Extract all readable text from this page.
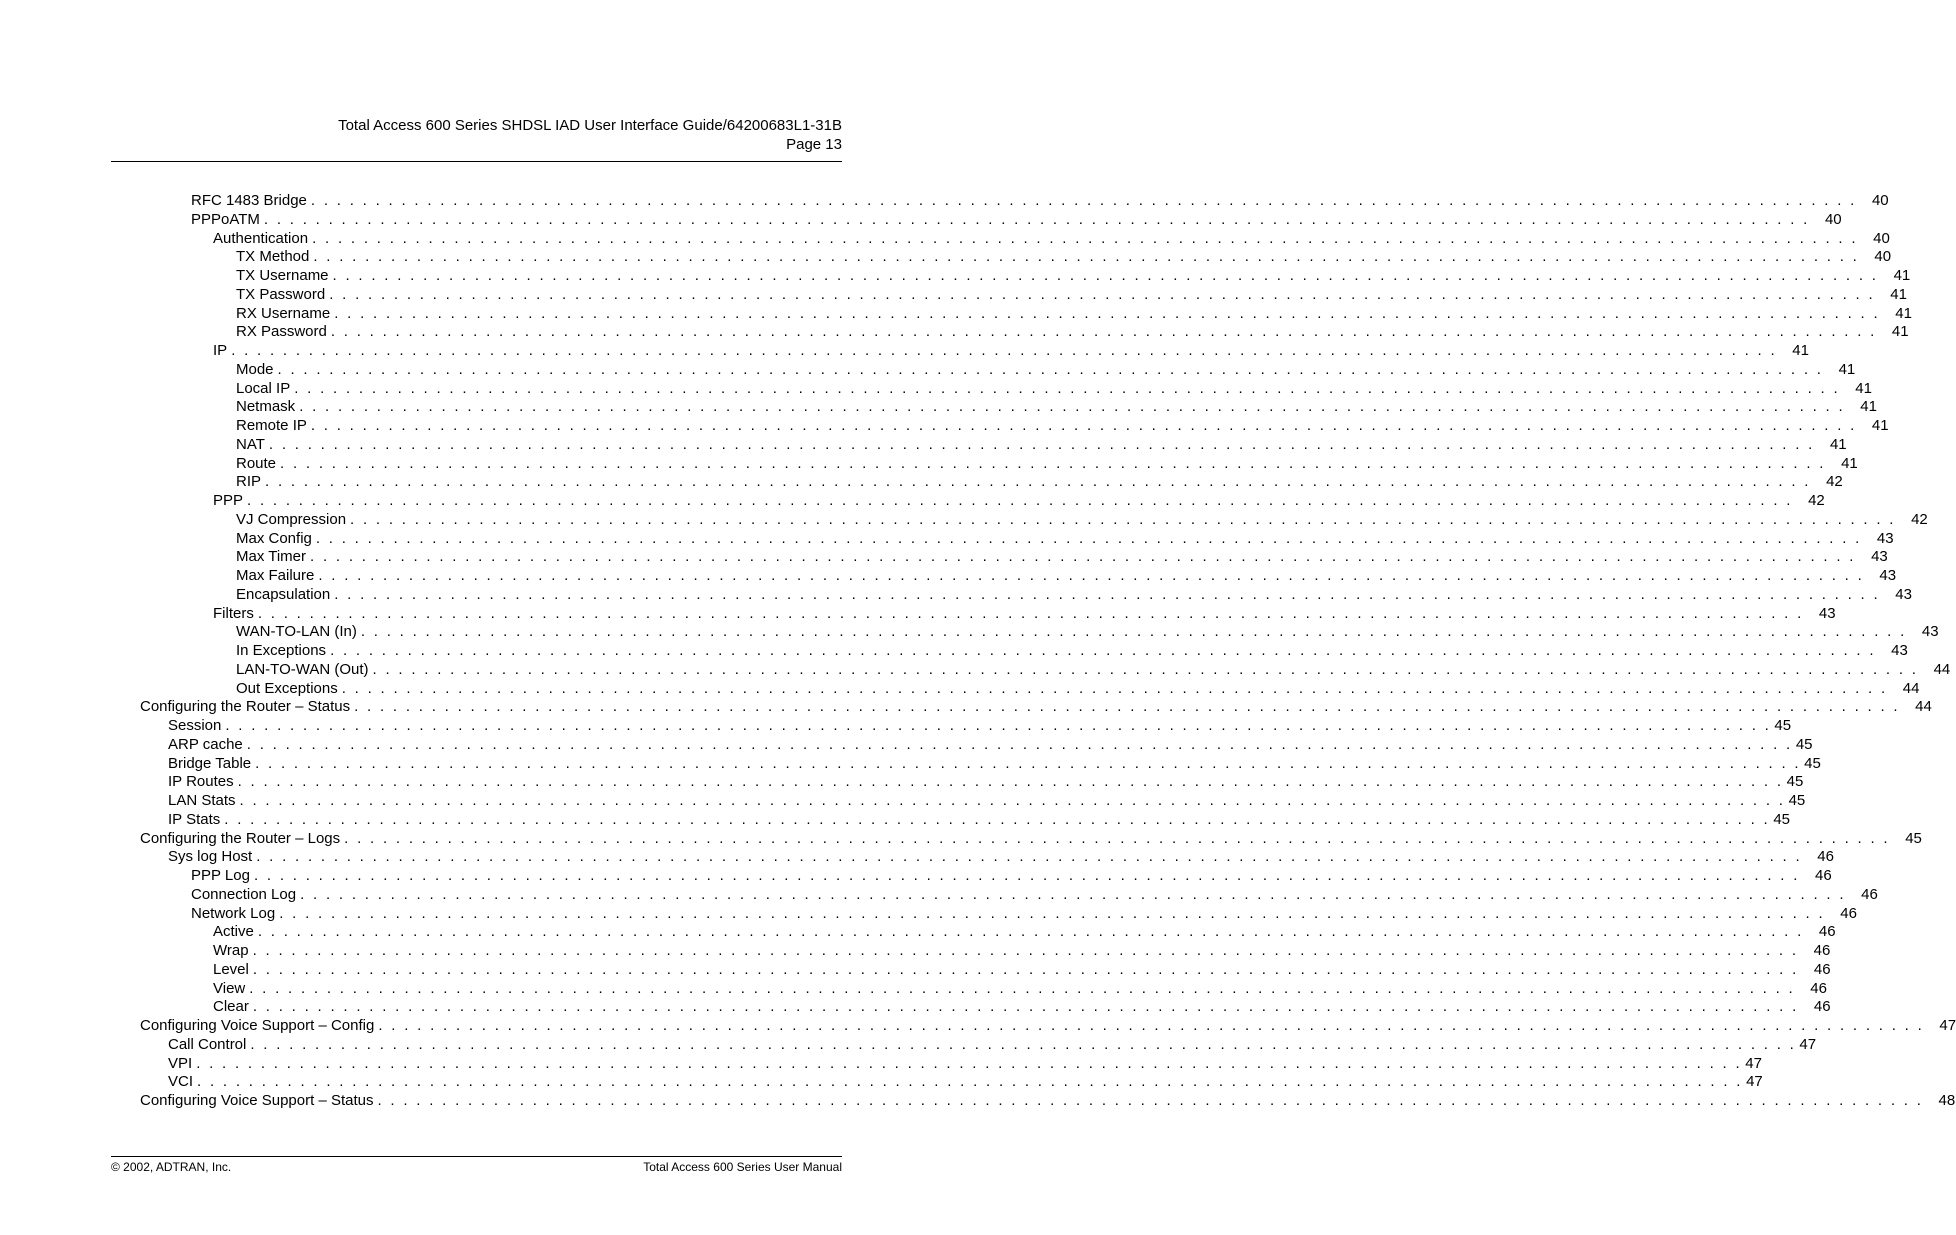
Total Access 600 Series SHDSL IAD User Interface Guide/64200683L1-31B
Page 13
RFC 1483 Bridge . . . . . . . . . . . . . . . . . . . . . . . . . . . . . . . . . . . . . . . . . . . . . . . . . . . . . . . . . . . . . . . . . . . . . . . . . . . . . . . . . . . . . . . . . . . . . . . . . . . . . . . . . . . . . . . . . . . . . . . .	40
PPPoATM . . . . . . . . . . . . . . . . . . . . . . . . . . . . . . . . . . . . . . . . . . . . . . . . . . . . . . . . . . . . . . . . . . . . . . . . . . . . . . . . . . . . . . . . . . . . . . . . . . . . . . . . . . . . . . . . . . . . . . . .	40
Authentication . . . . . . . . . . . . . . . . . . . . . . . . . . . . . . . . . . . . . . . . . . . . . . . . . . . . . . . . . . . . . . . . . . . . . . . . . . . . . . . . . . . . . . . . . . . . . . . . . . . . . . . . . . . . . . . . . . . . . . . .	40
TX Method . . . . . . . . . . . . . . . . . . . . . . . . . . . . . . . . . . . . . . . . . . . . . . . . . . . . . . . . . . . . . . . . . . . . . . . . . . . . . . . . . . . . . . . . . . . . . . . . . . . . . . . . . . . . . . . . . . . . . . . .	40
TX Username . . . . . . . . . . . . . . . . . . . . . . . . . . . . . . . . . . . . . . . . . . . . . . . . . . . . . . . . . . . . . . . . . . . . . . . . . . . . . . . . . . . . . . . . . . . . . . . . . . . . . . . . . . . . . . . . . . . . . . . .	41
TX Password . . . . . . . . . . . . . . . . . . . . . . . . . . . . . . . . . . . . . . . . . . . . . . . . . . . . . . . . . . . . . . . . . . . . . . . . . . . . . . . . . . . . . . . . . . . . . . . . . . . . . . . . . . . . . . . . . . . . . . . .	41
RX Username . . . . . . . . . . . . . . . . . . . . . . . . . . . . . . . . . . . . . . . . . . . . . . . . . . . . . . . . . . . . . . . . . . . . . . . . . . . . . . . . . . . . . . . . . . . . . . . . . . . . . . . . . . . . . . . . . . . . . . . .	41
RX Password . . . . . . . . . . . . . . . . . . . . . . . . . . . . . . . . . . . . . . . . . . . . . . . . . . . . . . . . . . . . . . . . . . . . . . . . . . . . . . . . . . . . . . . . . . . . . . . . . . . . . . . . . . . . . . . . . . . . . . . .	41
IP . . . . . . . . . . . . . . . . . . . . . . . . . . . . . . . . . . . . . . . . . . . . . . . . . . . . . . . . . . . . . . . . . . . . . . . . . . . . . . . . . . . . . . . . . . . . . . . . . . . . . . . . . . . . . . . . . . . . . . . .	41
Mode . . . . . . . . . . . . . . . . . . . . . . . . . . . . . . . . . . . . . . . . . . . . . . . . . . . . . . . . . . . . . . . . . . . . . . . . . . . . . . . . . . . . . . . . . . . . . . . . . . . . . . . . . . . . . . . . . . . . . . . .	41
Local IP . . . . . . . . . . . . . . . . . . . . . . . . . . . . . . . . . . . . . . . . . . . . . . . . . . . . . . . . . . . . . . . . . . . . . . . . . . . . . . . . . . . . . . . . . . . . . . . . . . . . . . . . . . . . . . . . . . . . . . . .	41
Netmask . . . . . . . . . . . . . . . . . . . . . . . . . . . . . . . . . . . . . . . . . . . . . . . . . . . . . . . . . . . . . . . . . . . . . . . . . . . . . . . . . . . . . . . . . . . . . . . . . . . . . . . . . . . . . . . . . . . . . . . .	41
Remote IP . . . . . . . . . . . . . . . . . . . . . . . . . . . . . . . . . . . . . . . . . . . . . . . . . . . . . . . . . . . . . . . . . . . . . . . . . . . . . . . . . . . . . . . . . . . . . . . . . . . . . . . . . . . . . . . . . . . . . . . .	41
NAT . . . . . . . . . . . . . . . . . . . . . . . . . . . . . . . . . . . . . . . . . . . . . . . . . . . . . . . . . . . . . . . . . . . . . . . . . . . . . . . . . . . . . . . . . . . . . . . . . . . . . . . . . . . . . . . . . . . . . . . .	41
Route . . . . . . . . . . . . . . . . . . . . . . . . . . . . . . . . . . . . . . . . . . . . . . . . . . . . . . . . . . . . . . . . . . . . . . . . . . . . . . . . . . . . . . . . . . . . . . . . . . . . . . . . . . . . . . . . . . . . . . . .	41
RIP . . . . . . . . . . . . . . . . . . . . . . . . . . . . . . . . . . . . . . . . . . . . . . . . . . . . . . . . . . . . . . . . . . . . . . . . . . . . . . . . . . . . . . . . . . . . . . . . . . . . . . . . . . . . . . . . . . . . . . . .	42
PPP . . . . . . . . . . . . . . . . . . . . . . . . . . . . . . . . . . . . . . . . . . . . . . . . . . . . . . . . . . . . . . . . . . . . . . . . . . . . . . . . . . . . . . . . . . . . . . . . . . . . . . . . . . . . . . . . . . . . . . . .	42
VJ Compression . . . . . . . . . . . . . . . . . . . . . . . . . . . . . . . . . . . . . . . . . . . . . . . . . . . . . . . . . . . . . . . . . . . . . . . . . . . . . . . . . . . . . . . . . . . . . . . . . . . . . . . . . . . . . . . . . . . . . . . .	42
Max Config . . . . . . . . . . . . . . . . . . . . . . . . . . . . . . . . . . . . . . . . . . . . . . . . . . . . . . . . . . . . . . . . . . . . . . . . . . . . . . . . . . . . . . . . . . . . . . . . . . . . . . . . . . . . . . . . . . . . . . . .	43
Max Timer . . . . . . . . . . . . . . . . . . . . . . . . . . . . . . . . . . . . . . . . . . . . . . . . . . . . . . . . . . . . . . . . . . . . . . . . . . . . . . . . . . . . . . . . . . . . . . . . . . . . . . . . . . . . . . . . . . . . . . . .	43
Max Failure . . . . . . . . . . . . . . . . . . . . . . . . . . . . . . . . . . . . . . . . . . . . . . . . . . . . . . . . . . . . . . . . . . . . . . . . . . . . . . . . . . . . . . . . . . . . . . . . . . . . . . . . . . . . . . . . . . . . . . . .	43
Encapsulation . . . . . . . . . . . . . . . . . . . . . . . . . . . . . . . . . . . . . . . . . . . . . . . . . . . . . . . . . . . . . . . . . . . . . . . . . . . . . . . . . . . . . . . . . . . . . . . . . . . . . . . . . . . . . . . . . . . . . . . .	43
Filters . . . . . . . . . . . . . . . . . . . . . . . . . . . . . . . . . . . . . . . . . . . . . . . . . . . . . . . . . . . . . . . . . . . . . . . . . . . . . . . . . . . . . . . . . . . . . . . . . . . . . . . . . . . . . . . . . . . . . . . .	43
WAN-TO-LAN (In) . . . . . . . . . . . . . . . . . . . . . . . . . . . . . . . . . . . . . . . . . . . . . . . . . . . . . . . . . . . . . . . . . . . . . . . . . . . . . . . . . . . . . . . . . . . . . . . . . . . . . . . . . . . . . . . . . . . . . . . .	43
In Exceptions . . . . . . . . . . . . . . . . . . . . . . . . . . . . . . . . . . . . . . . . . . . . . . . . . . . . . . . . . . . . . . . . . . . . . . . . . . . . . . . . . . . . . . . . . . . . . . . . . . . . . . . . . . . . . . . . . . . . . . . .	43
LAN-TO-WAN (Out) . . . . . . . . . . . . . . . . . . . . . . . . . . . . . . . . . . . . . . . . . . . . . . . . . . . . . . . . . . . . . . . . . . . . . . . . . . . . . . . . . . . . . . . . . . . . . . . . . . . . . . . . . . . . . . . . . . . . . . . .	44
Out Exceptions . . . . . . . . . . . . . . . . . . . . . . . . . . . . . . . . . . . . . . . . . . . . . . . . . . . . . . . . . . . . . . . . . . . . . . . . . . . . . . . . . . . . . . . . . . . . . . . . . . . . . . . . . . . . . . . . . . . . . . . .	44
Configuring the Router – Status . . . . . . . . . . . . . . . . . . . . . . . . . . . . . . . . . . . . . . . . . . . . . . . . . . . . . . . . . . . . . . . . . . . . . . . . . . . . . . . . . . . . . . . . . . . . . . . . . . . . . . . . . . . . . . . . . . . . . . . .	44
Session . . . . . . . . . . . . . . . . . . . . . . . . . . . . . . . . . . . . . . . . . . . . . . . . . . . . . . . . . . . . . . . . . . . . . . . . . . . . . . . . . . . . . . . . . . . . . . . . . . . . . . . . . . . . . . . . . . . . . . . . 45
ARP cache . . . . . . . . . . . . . . . . . . . . . . . . . . . . . . . . . . . . . . . . . . . . . . . . . . . . . . . . . . . . . . . . . . . . . . . . . . . . . . . . . . . . . . . . . . . . . . . . . . . . . . . . . . . . . . . . . . . . . . . . 45
Bridge Table . . . . . . . . . . . . . . . . . . . . . . . . . . . . . . . . . . . . . . . . . . . . . . . . . . . . . . . . . . . . . . . . . . . . . . . . . . . . . . . . . . . . . . . . . . . . . . . . . . . . . . . . . . . . . . . . . . . . . . . . 45
IP Routes . . . . . . . . . . . . . . . . . . . . . . . . . . . . . . . . . . . . . . . . . . . . . . . . . . . . . . . . . . . . . . . . . . . . . . . . . . . . . . . . . . . . . . . . . . . . . . . . . . . . . . . . . . . . . . . . . . . . . . . . 45
LAN Stats . . . . . . . . . . . . . . . . . . . . . . . . . . . . . . . . . . . . . . . . . . . . . . . . . . . . . . . . . . . . . . . . . . . . . . . . . . . . . . . . . . . . . . . . . . . . . . . . . . . . . . . . . . . . . . . . . . . . . . . . 45
IP Stats . . . . . . . . . . . . . . . . . . . . . . . . . . . . . . . . . . . . . . . . . . . . . . . . . . . . . . . . . . . . . . . . . . . . . . . . . . . . . . . . . . . . . . . . . . . . . . . . . . . . . . . . . . . . . . . . . . . . . . . . 45
Configuring the Router – Logs . . . . . . . . . . . . . . . . . . . . . . . . . . . . . . . . . . . . . . . . . . . . . . . . . . . . . . . . . . . . . . . . . . . . . . . . . . . . . . . . . . . . . . . . . . . . . . . . . . . . . . . . . . . . . . . . . . . . . . . .	45
Sys log Host . . . . . . . . . . . . . . . . . . . . . . . . . . . . . . . . . . . . . . . . . . . . . . . . . . . . . . . . . . . . . . . . . . . . . . . . . . . . . . . . . . . . . . . . . . . . . . . . . . . . . . . . . . . . . . . . . . . . . . . .	46
PPP Log . . . . . . . . . . . . . . . . . . . . . . . . . . . . . . . . . . . . . . . . . . . . . . . . . . . . . . . . . . . . . . . . . . . . . . . . . . . . . . . . . . . . . . . . . . . . . . . . . . . . . . . . . . . . . . . . . . . . . . . .	46
Connection Log . . . . . . . . . . . . . . . . . . . . . . . . . . . . . . . . . . . . . . . . . . . . . . . . . . . . . . . . . . . . . . . . . . . . . . . . . . . . . . . . . . . . . . . . . . . . . . . . . . . . . . . . . . . . . . . . . . . . . . . .	46
Network Log . . . . . . . . . . . . . . . . . . . . . . . . . . . . . . . . . . . . . . . . . . . . . . . . . . . . . . . . . . . . . . . . . . . . . . . . . . . . . . . . . . . . . . . . . . . . . . . . . . . . . . . . . . . . . . . . . . . . . . . .	46
Active . . . . . . . . . . . . . . . . . . . . . . . . . . . . . . . . . . . . . . . . . . . . . . . . . . . . . . . . . . . . . . . . . . . . . . . . . . . . . . . . . . . . . . . . . . . . . . . . . . . . . . . . . . . . . . . . . . . . . . . .	46
Wrap . . . . . . . . . . . . . . . . . . . . . . . . . . . . . . . . . . . . . . . . . . . . . . . . . . . . . . . . . . . . . . . . . . . . . . . . . . . . . . . . . . . . . . . . . . . . . . . . . . . . . . . . . . . . . . . . . . . . . . . .	46
Level . . . . . . . . . . . . . . . . . . . . . . . . . . . . . . . . . . . . . . . . . . . . . . . . . . . . . . . . . . . . . . . . . . . . . . . . . . . . . . . . . . . . . . . . . . . . . . . . . . . . . . . . . . . . . . . . . . . . . . . .	46
View . . . . . . . . . . . . . . . . . . . . . . . . . . . . . . . . . . . . . . . . . . . . . . . . . . . . . . . . . . . . . . . . . . . . . . . . . . . . . . . . . . . . . . . . . . . . . . . . . . . . . . . . . . . . . . . . . . . . . . . .	46
Clear . . . . . . . . . . . . . . . . . . . . . . . . . . . . . . . . . . . . . . . . . . . . . . . . . . . . . . . . . . . . . . . . . . . . . . . . . . . . . . . . . . . . . . . . . . . . . . . . . . . . . . . . . . . . . . . . . . . . . . . .	46
Configuring Voice Support – Config . . . . . . . . . . . . . . . . . . . . . . . . . . . . . . . . . . . . . . . . . . . . . . . . . . . . . . . . . . . . . . . . . . . . . . . . . . . . . . . . . . . . . . . . . . . . . . . . . . . . . . . . . . . . . . . . . . . . . . . .	47
Call Control . . . . . . . . . . . . . . . . . . . . . . . . . . . . . . . . . . . . . . . . . . . . . . . . . . . . . . . . . . . . . . . . . . . . . . . . . . . . . . . . . . . . . . . . . . . . . . . . . . . . . . . . . . . . . . . . . . . . . . . . 47
VPI . . . . . . . . . . . . . . . . . . . . . . . . . . . . . . . . . . . . . . . . . . . . . . . . . . . . . . . . . . . . . . . . . . . . . . . . . . . . . . . . . . . . . . . . . . . . . . . . . . . . . . . . . . . . . . . . . . . . . . . . 47
VCI . . . . . . . . . . . . . . . . . . . . . . . . . . . . . . . . . . . . . . . . . . . . . . . . . . . . . . . . . . . . . . . . . . . . . . . . . . . . . . . . . . . . . . . . . . . . . . . . . . . . . . . . . . . . . . . . . . . . . . . . 47
Configuring Voice Support – Status . . . . . . . . . . . . . . . . . . . . . . . . . . . . . . . . . . . . . . . . . . . . . . . . . . . . . . . . . . . . . . . . . . . . . . . . . . . . . . . . . . . . . . . . . . . . . . . . . . . . . . . . . . . . . . . . . . . . . . . .	48
© 2002, ADTRAN, Inc.	Total Access 600 Series User Manual
